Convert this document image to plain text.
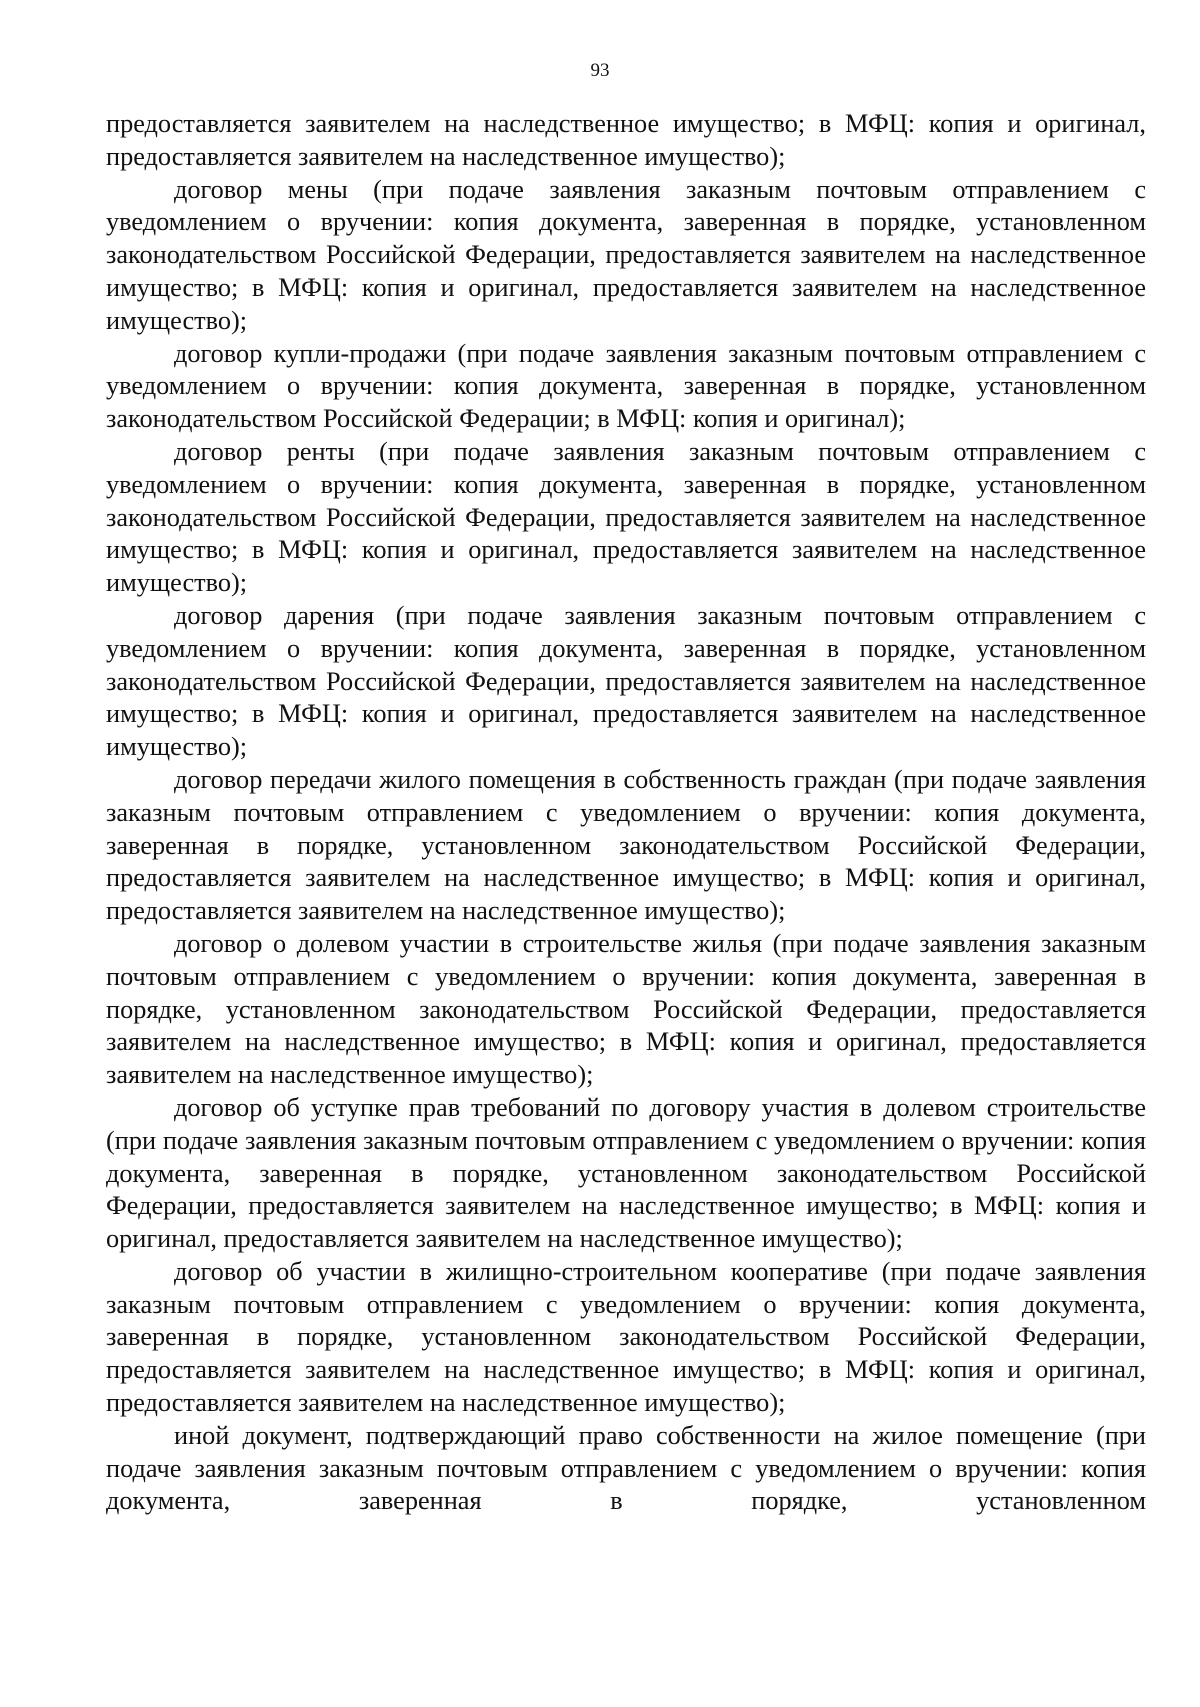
93

предоставляется заявителем на наследственное имущество; в МФЦ: копия и оригинал, предоставляется заявителем на наследственное имущество);

договор мены (при подаче заявления заказным почтовым отправлением с уведомлением о вручении: копия документа, заверенная в порядке, установленном законодательством Российской Федерации, предоставляется заявителем на наследственное имущество; в МФЦ: копия и оригинал, предоставляется заявителем на наследственное имущество);

договор купли-продажи (при подаче заявления заказным почтовым отправлением с уведомлением о вручении: копия документа, заверенная в порядке, установленном законодательством Российской Федерации; в МФЦ: копия и оригинал);

договор ренты (при подаче заявления заказным почтовым отправлением с уведомлением о вручении: копия документа, заверенная в порядке, установленном законодательством Российской Федерации, предоставляется заявителем на наследственное имущество; в МФЦ: копия и оригинал, предоставляется заявителем на наследственное имущество);

договор дарения (при подаче заявления заказным почтовым отправлением с уведомлением о вручении: копия документа, заверенная в порядке, установленном законодательством Российской Федерации, предоставляется заявителем на наследственное имущество; в МФЦ: копия и оригинал, предоставляется заявителем на наследственное имущество);

договор передачи жилого помещения в собственность граждан (при подаче заявления заказным почтовым отправлением с уведомлением о вручении: копия документа, заверенная в порядке, установленном законодательством Российской Федерации, предоставляется заявителем на наследственное имущество; в МФЦ: копия и оригинал, предоставляется заявителем на наследственное имущество);

договор о долевом участии в строительстве жилья (при подаче заявления заказным почтовым отправлением с уведомлением о вручении: копия документа, заверенная в порядке, установленном законодательством Российской Федерации, предоставляется заявителем на наследственное имущество; в МФЦ: копия и оригинал, предоставляется заявителем на наследственное имущество);

договор об уступке прав требований по договору участия в долевом строительстве (при подаче заявления заказным почтовым отправлением с уведомлением о вручении: копия документа, заверенная в порядке, установленном законодательством Российской Федерации, предоставляется заявителем на наследственное имущество; в МФЦ: копия и оригинал, предоставляется заявителем на наследственное имущество);

договор об участии в жилищно-строительном кооперативе (при подаче заявления заказным почтовым отправлением с уведомлением о вручении: копия документа, заверенная в порядке, установленном законодательством Российской Федерации, предоставляется заявителем на наследственное имущество; в МФЦ: копия и оригинал, предоставляется заявителем на наследственное имущество);

иной документ, подтверждающий право собственности на жилое помещение (при подаче заявления заказным почтовым отправлением с уведомлением о вручении: копия документа, заверенная в порядке, установленном
